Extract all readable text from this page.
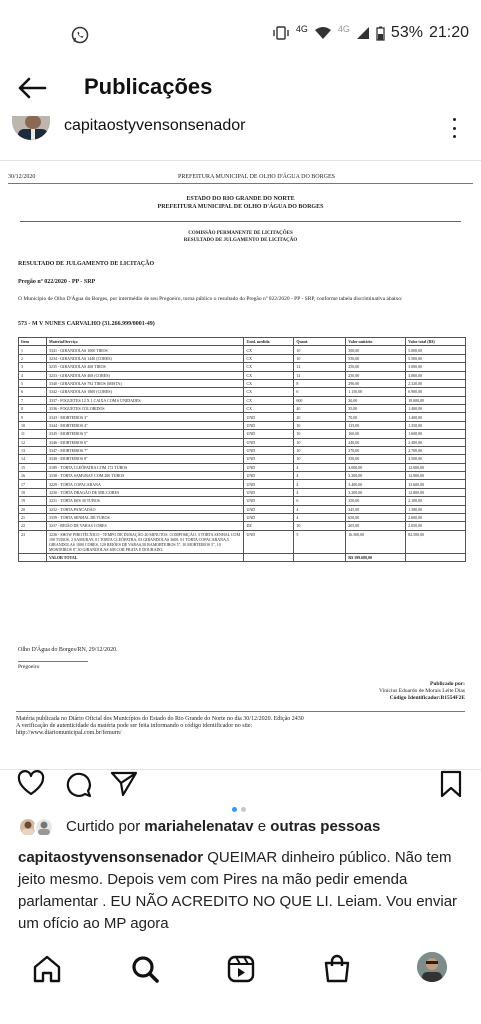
$^{4G}$	$^{4G}$	53% 21:20
Publicações
capitaostyvensonsenador
30/12/2020	PREFEITURA MUNICIPAL DE OLHO D'ÁGUA DO BORGES
ESTADO DO RIO GRANDE DO NORTE
PREFEITURA MUNICIPAL DE OLHO D'ÁGUA DO BORGES
COMISSÃO PERMANENTE DE LICITAÇÕES
RESULTADO DE JULGAMENTO DE LICITAÇÃO
RESULTADO DE JULGAMENTO DE LICITAÇÃO
Pregão nº 022/2020 - PP - SRP
O Município de Olho D'Água do Borges, por intermédio de seu Pregoeiro, torna público o resultado do Pregão nº 022/2020 - PP - SRP, conforme tabela discriminativa abaixo:
573 - M V NUNES CARVALHO (31.266.999/0001-49)
Item	Material/Serviço	Unid. medida	Quant.	Valor unitário	Valor total (R$)
1	3341 - GIRANDOLAS 1000 TIROS	CX	10	500,00	5.000,00
2	3234 - GIRANDOLAS 1440 (CORES)	CX	10	550,00	5.500,00
3	3235 - GIRANDOLAS 468 TIROS	CX	12	250,00	3.000,00
4	3233 - GIRANDOLAS 468 (CORES)	CX	12	250,00	3.000,00
5	3340 - GIRANDOLAS 792 TIROS (MISTA)	CX	8	290,00	2.320,00
6	3342 - GIRANDOLAS 1800 (CORES)	CX	6	1.150,00	6.900,00
7	3337 - FOGUETES 12 X 1 CAIXA COM 6 UNIDADES	CX	600	30,00	18.000,00
8	3336 - FOGUETES COLORIDOS	CX	40	35,00	1.400,00
9	3343 - MORTEIROS 3"	UND	20	70,00	1.400,00
10	3344 - MORTEIROS 4"	UND	10	135,00	1.350,00
11	3345 - MORTEIROS 5"	UND	10	160,00	1.600,00
12	3346 - MORTEIROS 6"	UND	10	240,00	2.400,00
13	3347 - MORTEIROS 7"	UND	10	270,00	2.700,00
14	3348 - MORTEIROS 8"	UND	10	350,00	3.500,00
15	3189 - TORTA CLEÓPATRA COM 172 TUBOS	UND	4	3.000,00	12.000,00
16	3338 - TORTA SAMURAY COM 200 TUBOS	UND	4	3.200,00	12.800,00
17	3229 - TORTA COPACABANA	UND	4	3.400,00	13.600,00
18	3230 - TORTA DRAGÃO DE MIL CORES	UND	4	3.200,00	12.800,00
19	3231 - TORTA ISIS 30 TUBOS	UND	6	350,00	2.100,00
20	3232 - TORTA PANCADÃO	UND	4	345,00	1.380,00
21	3339 - TORTA SENHAL DE TUBOS	UND	4	650,00	2.600,00
22	3237 - REIÃO DE VARAS CORES	DZ	10	205,00	2.050,00
23	3236 - SHOW PIROTÉCNICO - TEMPO DE DURAÇÃO 20 MINUTOS. COMPOSIÇÃO: 3 TORTA SENHAL COM 100 TUBOS, 2 SAMURAY, 01 TORTA CLEÓPATRA, 03 GIRANDOLAS 3600, 01 TORTA COPACABANA,5 GIRANDOLAS 1000 CORES, 120 REIÕES DE VARAS,50 BAMORTEIROS 5", 10 MORTEIROS 5", 10 MORTEIROS 8",30 GIRANDOLAS 468 COR PRATA E DOURADO.	UND	5	16.500,00	82.500,00
	VALOR TOTAL			R$ 199.680,00	
Olho D'Água do Borges/RN, 29/12/2020.
Pregoeiro
Publicado por:
Vinícius Eduardo de Morais Leite Dias
Código Identificador:B1554F2E
Matéria publicada no Diário Oficial dos Municípios do Estado do Rio Grande do Norte no dia 30/12/2020. Edição 2430
A verificação de autenticidade da matéria pode ser feita informando o código identificador no site:
http://www.diariomunicipal.com.br/femurn/
Curtido por mariahelenatav e outras pessoas
capitaostyvensonsenador QUEIMAR dinheiro público. Não tem jeito mesmo. Depois vem com Pires na mão pedir emenda parlamentar . EU NÃO ACREDITO NO QUE LI. Leiam. Vou enviar um ofício ao MP agora
